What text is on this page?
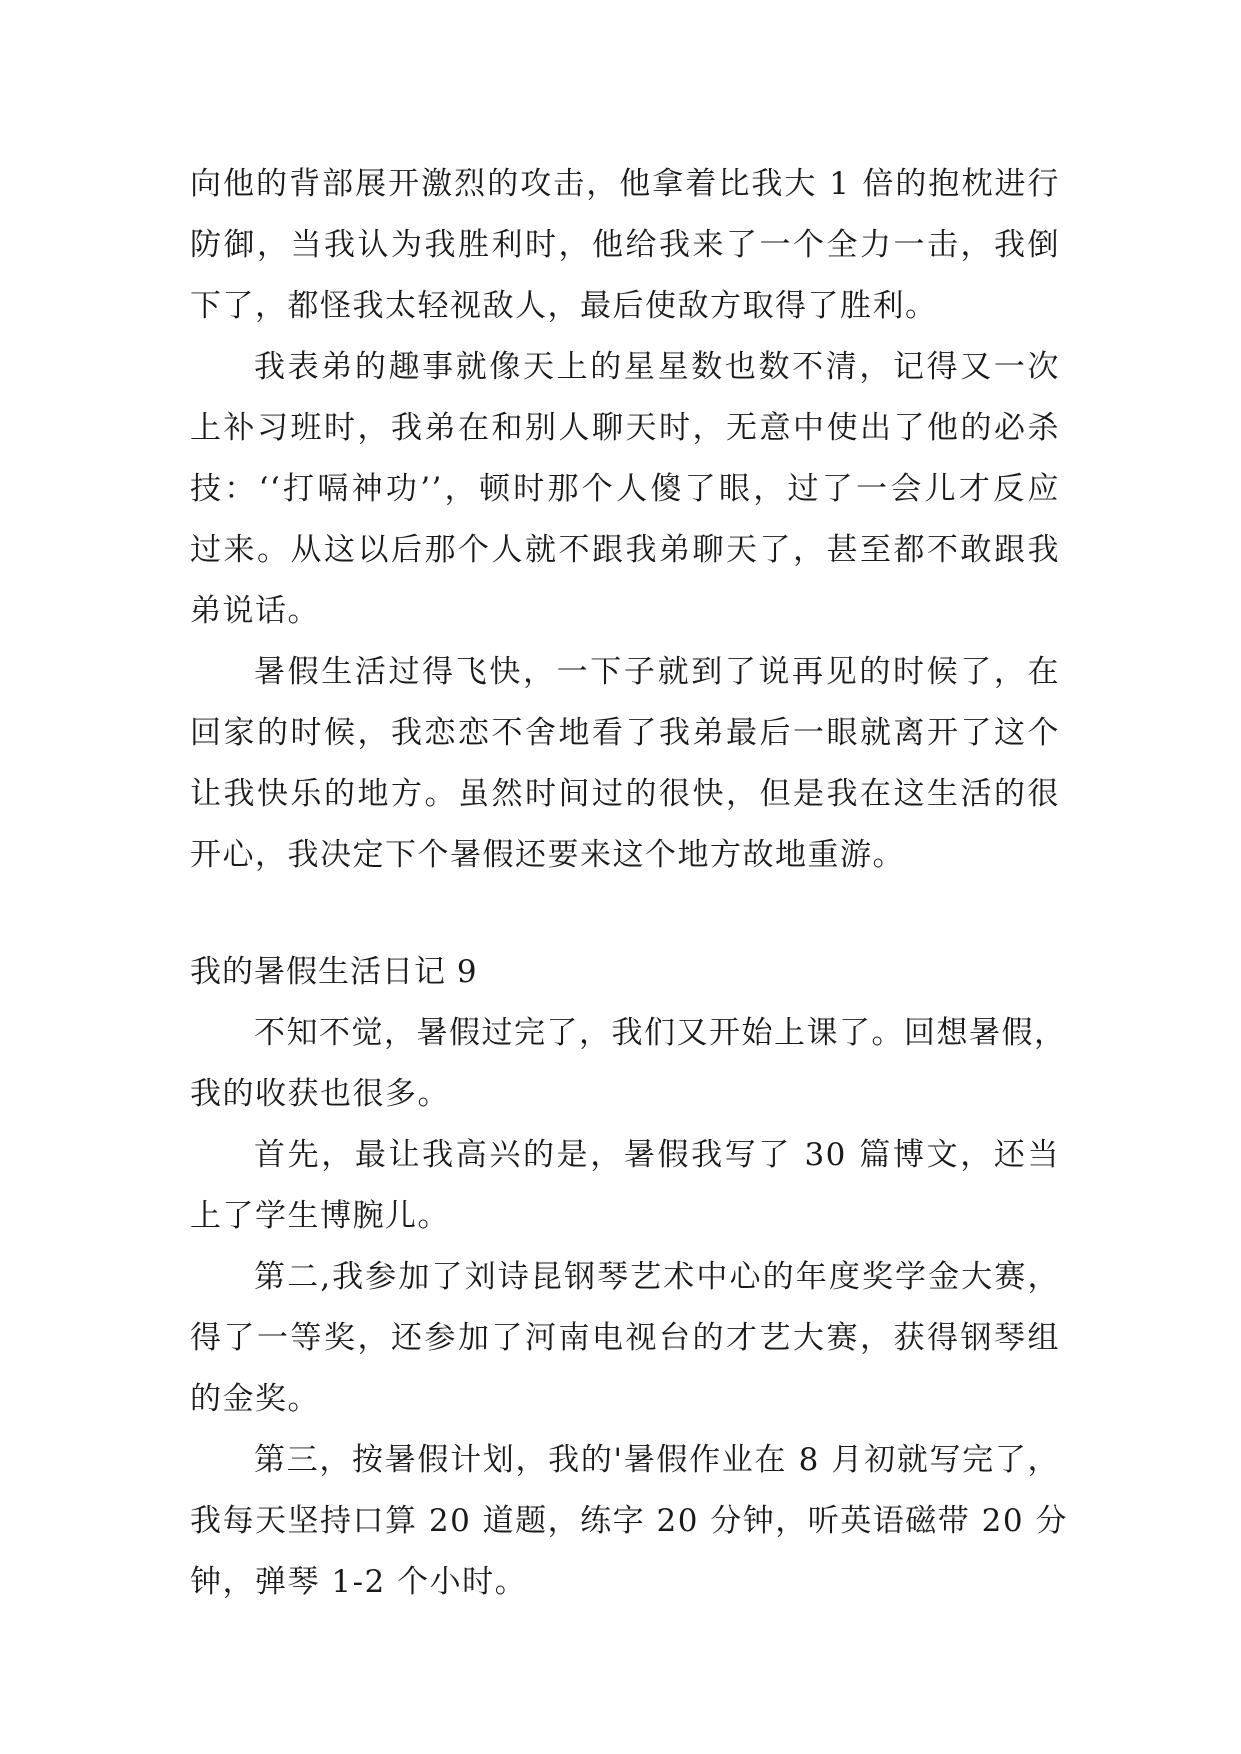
向他的背部展开激烈的攻击，他拿着比我大 1 倍的抱枕进行
防御，当我认为我胜利时，他给我来了一个全力一击，我倒
下了，都怪我太轻视敌人，最后使敌方取得了胜利。
我表弟的趣事就像天上的星星数也数不清，记得又一次
上补习班时，我弟在和别人聊天时，无意中使出了他的必杀
技：‘‘打嗝神功’’，顿时那个人傻了眼，过了一会儿才反应
过来。从这以后那个人就不跟我弟聊天了，甚至都不敢跟我
弟说话。
暑假生活过得飞快，一下子就到了说再见的时候了，在
回家的时候，我恋恋不舍地看了我弟最后一眼就离开了这个
让我快乐的地方。虽然时间过的很快，但是我在这生活的很
开心，我决定下个暑假还要来这个地方故地重游。
我的暑假生活日记 9
不知不觉，暑假过完了，我们又开始上课了。回想暑假，
我的收获也很多。
首先，最让我高兴的是，暑假我写了 30 篇博文，还当
上了学生博腕儿。
第二,我参加了刘诗昆钢琴艺术中心的年度奖学金大赛，
得了一等奖，还参加了河南电视台的才艺大赛，获得钢琴组
的金奖。
第三，按暑假计划，我的'暑假作业在 8 月初就写完了，
我每天坚持口算 20 道题，练字 20 分钟，听英语磁带 20 分
钟，弹琴 1-2 个小时。
